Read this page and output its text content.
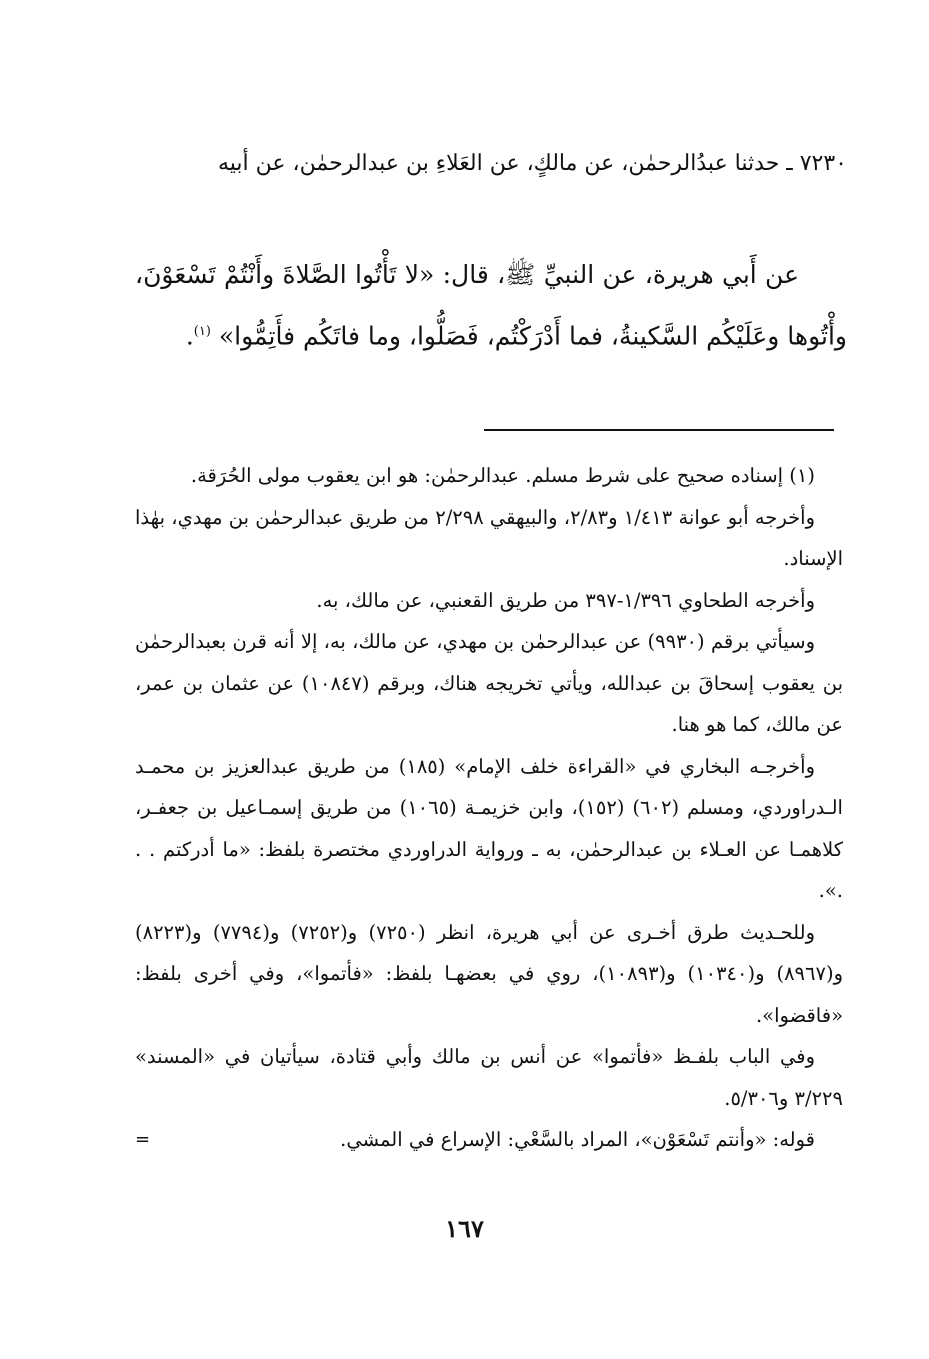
٧٢٣٠ ـ حدثنا عبدُالرحمٰن، عن مالكٍ، عن العَلاءِ بن عبدالرحمٰن، عن أبيه
عن أَبي هريرة، عن النبيِّ ﷺ، قال: «لا تَأْتُوا الصَّلاةَ وأَنْتُمْ تَسْعَوْنَ، وأْتُوها وعَلَيْكُم السَّكينةُ، فما أَدْرَكْتُم، فَصَلُّوا، وما فاتَكُم فأَتِمُّوا» $^{(١)}$.

(١) إسناده صحيح على شرط مسلم. عبدالرحمٰن: هو ابن يعقوب مولى الحُرَقة.

وأخرجه أبو عوانة ١/٤١٣ و٢/٨٣، والبيهقي ٢/٢٩٨ من طريق عبدالرحمٰن بن مهدي، بهٰذا الإسناد.

وأخرجه الطحاوي ١/٣٩٦-٣٩٧ من طريق القعنبي، عن مالك، به.

وسيأتي برقم (٩٩٣٠) عن عبدالرحمٰن بن مهدي، عن مالك، به، إلا أنه قرن بعبدالرحمٰن بن يعقوب إسحاقَ بن عبدالله، ويأتي تخريجه هناك، وبرقم (١٠٨٤٧) عن عثمان بن عمر، عن مالك، كما هو هنا.

وأخرجـه البخاري في «القراءة خلف الإمام» (١٨٥) من طريق عبدالعزيز بن محمـد الـدراوردي، ومسلم (٦٠٢) (١٥٢)، وابن خزيمـة (١٠٦٥) من طريق إسمـاعيل بن جعفـر، كلاهمـا عن العـلاء بن عبدالرحمٰن، به ـ ورواية الدراوردي مختصرة بلفظ: «ما أدركتم . . .».

وللحـديث طرق أخـرى عن أبي هريرة، انظر (٧٢٥٠) و(٧٢٥٢) و(٧٧٩٤) و(٨٢٢٣) و(٨٩٦٧) و(١٠٣٤٠) و(١٠٨٩٣)، روي في بعضهـا بلفظ: «فأتموا»، وفي أخرى بلفظ: «فاقضوا».

وفي الباب بلفـظ «فأتموا» عن أنس بن مالك وأبي قتادة، سيأتيان في «المسند» ٣/٢٢٩ و٥/٣٠٦.

قوله: «وأنتم تَسْعَوْن»، المراد بالسَّعْي: الإسراع في المشي.
=

١٦٧
